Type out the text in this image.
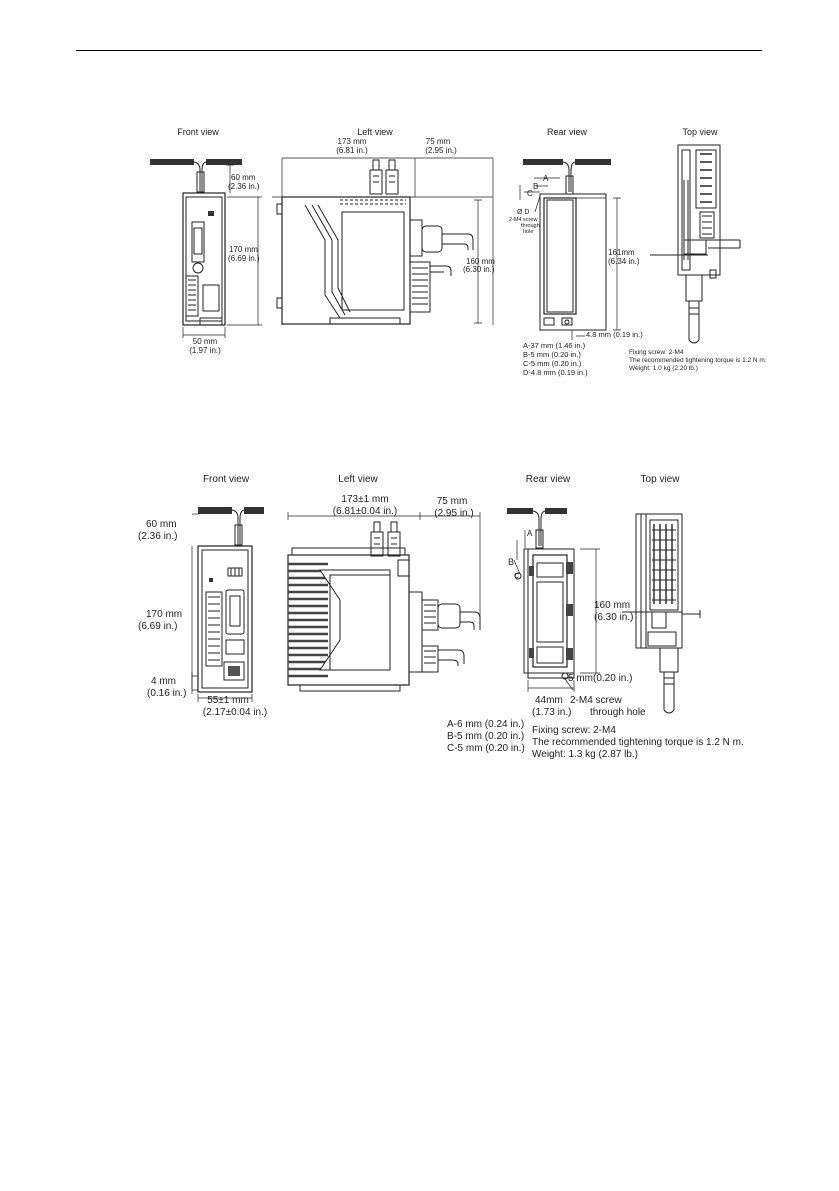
Front view	Left view	Rear view	Top view
60 mm
(2.36 in.)
170 mm
(6.69 in.)
50 mm
(1.97 in.)
173 mm
(6.81 in.)
75 mm
(2.95 in.)
160 mm
(6.30 in.)
A
B
C
Ø D
2-M4 screw
through
hole
161mm
(6.34 in.)
4.8 mm (0.19 in.)
A-37 mm (1.46 in.)
B-5 mm (0.20 in.)
C-5 mm (0.20 in.)
D-4.8 mm (0.19 in.)
Fixing screw: 2-M4
The recommended tightening torque is 1.2 N m.
Weight: 1.0 kg (2.20 lb.)
Front view	Left view	Rear view	Top view
60 mm
(2.36 in.)
170 mm
(6.69 in.)
4 mm
(0.16 in.)
55±1 mm
(2.17±0.04 in.)
173±1 mm
(6.81±0.04 in.)
75 mm
(2.95 in.)
A
B
C
160 mm
(6.30 in.)
5 mm(0.20 in.)
44mm
(1.73 in.)
2-M4 screw
through hole
A-6 mm (0.24 in.)
B-5 mm (0.20 in.)
C-5 mm (0.20 in.)
Fixing screw: 2-M4
The recommended tightening torque is 1.2 N m.
Weight: 1.3 kg (2.87 lb.)
